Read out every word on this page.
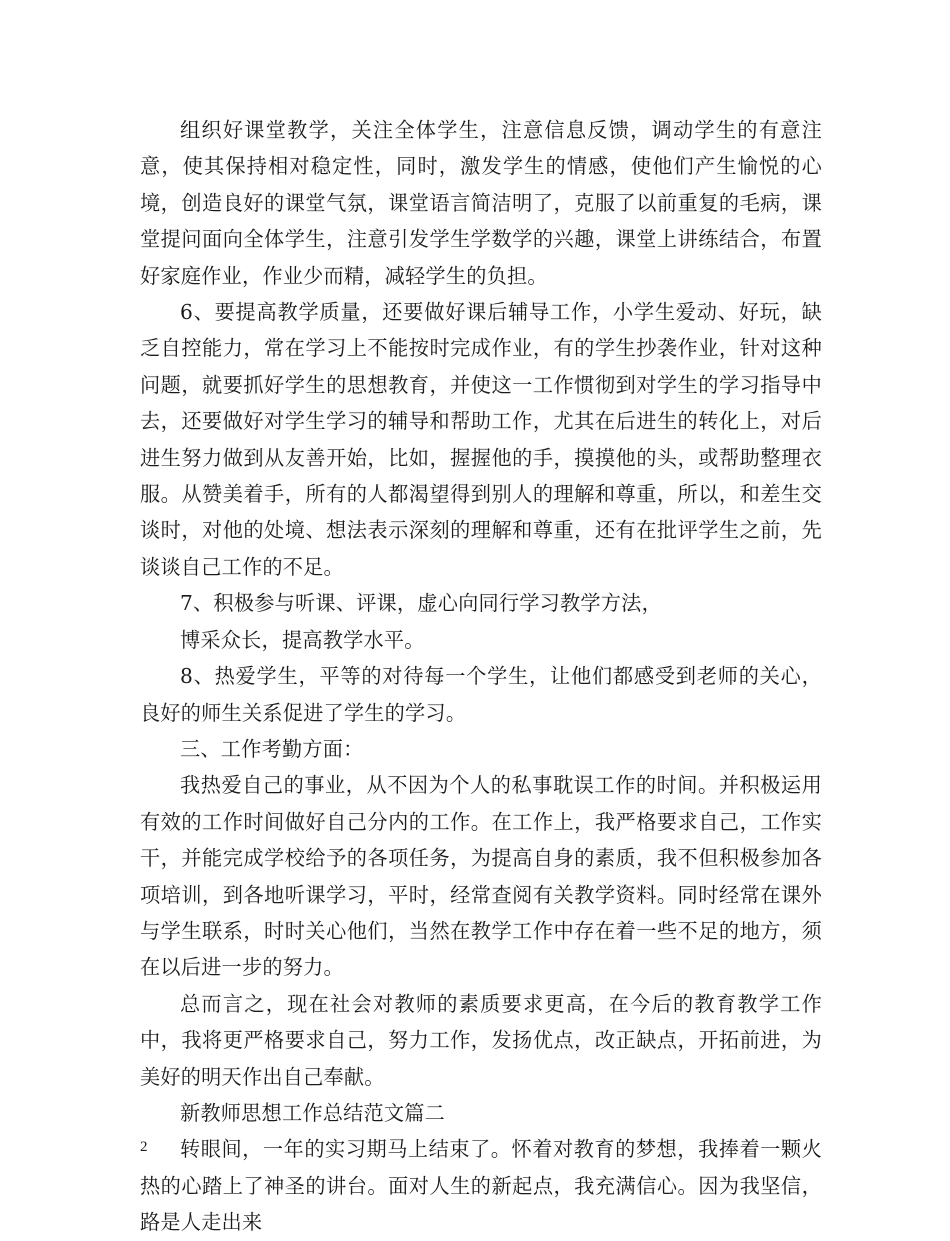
组织好课堂教学，关注全体学生，注意信息反馈，调动学生的有意注意，使其保持相对稳定性，同时，激发学生的情感，使他们产生愉悦的心境，创造良好的课堂气氛，课堂语言简洁明了，克服了以前重复的毛病，课堂提问面向全体学生，注意引发学生学数学的兴趣，课堂上讲练结合，布置好家庭作业，作业少而精，减轻学生的负担。

6、要提高教学质量，还要做好课后辅导工作，小学生爱动、好玩，缺乏自控能力，常在学习上不能按时完成作业，有的学生抄袭作业，针对这种问题，就要抓好学生的思想教育，并使这一工作惯彻到对学生的学习指导中去，还要做好对学生学习的辅导和帮助工作，尤其在后进生的转化上，对后进生努力做到从友善开始，比如，握握他的手，摸摸他的头，或帮助整理衣服。从赞美着手，所有的人都渴望得到别人的理解和尊重，所以，和差生交谈时，对他的处境、想法表示深刻的理解和尊重，还有在批评学生之前，先谈谈自己工作的不足。

7、积极参与听课、评课，虚心向同行学习教学方法，

博采众长，提高教学水平。

8、热爱学生，平等的对待每一个学生，让他们都感受到老师的关心，良好的师生关系促进了学生的学习。

三、工作考勤方面：

我热爱自己的事业，从不因为个人的私事耽误工作的时间。并积极运用有效的工作时间做好自己分内的工作。在工作上，我严格要求自己，工作实干，并能完成学校给予的各项任务，为提高自身的素质，我不但积极参加各项培训，到各地听课学习，平时，经常查阅有关教学资料。同时经常在课外与学生联系，时时关心他们，当然在教学工作中存在着一些不足的地方，须在以后进一步的努力。

总而言之，现在社会对教师的素质要求更高，在今后的教育教学工作中，我将更严格要求自己，努力工作，发扬优点，改正缺点，开拓前进，为美好的明天作出自己奉献。

新教师思想工作总结范文篇二

转眼间，一年的实习期马上结束了。怀着对教育的梦想，我捧着一颗火热的心踏上了神圣的讲台。面对人生的新起点，我充满信心。因为我坚信，路是人走出来

2
